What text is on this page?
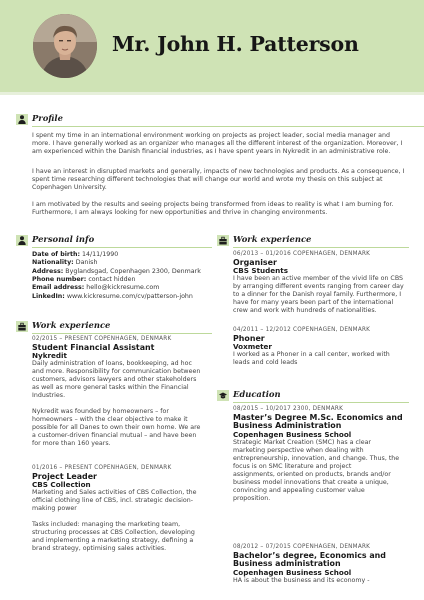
Mr. John H. Patterson
Profile
I spent my time in an international environment working on projects as project leader, social media manager and
more. I have generally worked as an organizer who manages all the different interest of the organization. Moreover, I
am experienced within the Danish financial industries, as I have spent years in Nykredit in an administrative role.
I have an interest in disrupted markets and generally, impacts of new technologies and products. As a consequence, I
spent time researching different technologies that will change our world and wrote my thesis on this subject at
Copenhagen University.
I am motivated by the results and seeing projects being transformed from ideas to reality is what I am burning for.
Furthermore, I am always looking for new opportunities and thrive in changing environments.
Personal info
Date of birth: 14/11/1990
Nationality: Danish
Address: Byglandsgad, Copenhagen 2300, Denmark
Phone number: contact hidden
Email address: hello@kickresume.com
LinkedIn: www.kickresume.com/cv/patterson-john
Work experience
02/2015 – PRESENT COPENHAGEN, DENMARK
Student Financial Assistant
Nykredit
Daily administration of loans, bookkeeping, ad hoc
and more. Responsibility for communication between
customers, advisors lawyers and other stakeholders
as well as more general tasks within the Financial
Industries.
Nykredit was founded by homeowners – for
homeowners – with the clear objective to make it
possible for all Danes to own their own home. We are
a customer-driven financial mutual – and have been
for more than 160 years.
01/2016 – PRESENT COPENHAGEN, DENMARK
Project Leader
CBS Collection
Marketing and Sales activities of CBS Collection, the
official clothing line of CBS, incl. strategic decision-
making power
Tasks included: managing the marketing team,
structuring processes at CBS Collection, developing
and implementing a marketing strategy, defining a
brand strategy, optimising sales activities.
Work experience
06/2013 – 01/2016 COPENHAGEN, DENMARK
Organiser
CBS Students
I have been an active member of the vivid life on CBS
by arranging different events ranging from career day
to a dinner for the Danish royal family. Furthermore, I
have for many years been part of the international
crew and work with hundreds of nationalities.
04/2011 – 12/2012 COPENHAGEN, DENMARK
Phoner
Voxmeter
I worked as a Phoner in a call center, worked with
leads and cold leads
Education
08/2015 – 10/2017 2300, DENMARK
Master’s Degree M.Sc. Economics and
Business Administration
Copenhagen Business School
Strategic Market Creation (SMC) has a clear
marketing perspective when dealing with
entrepreneurship, innovation, and change. Thus, the
focus is on SMC literature and project
assignments, oriented on products, brands and/or
business model innovations that create a unique,
convincing and appealing customer value
proposition.
08/2012 – 07/2015 COPENHAGEN, DENMARK
Bachelor’s degree, Economics and
Business administration
Copenhagen Business School
HA is about the business and its economy -
